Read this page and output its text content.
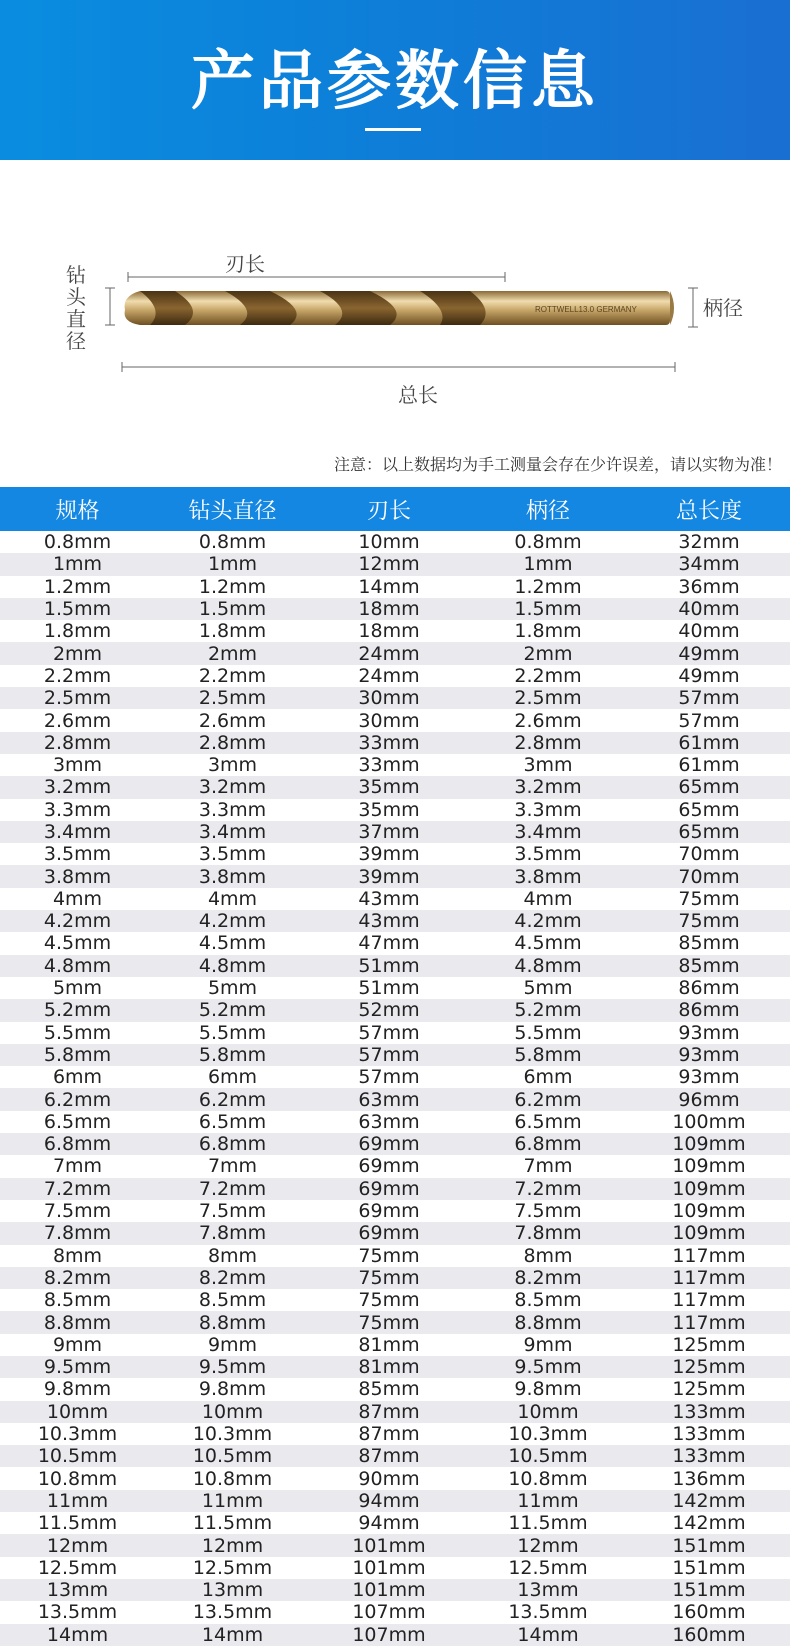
产品参数信息
刃长
钻 头 直 径
ROTTWELL13.0 GERMANY	柄径
总长
注意：以上数据均为手工测量会存在少许误差，请以实物为准！
规格	钻头直径	刃长	柄径	总长度
0.8mm	0.8mm	10mm	0.8mm	32mm
1mm	1mm	12mm	1mm	34mm
1.2mm	1.2mm	14mm	1.2mm	36mm
1.5mm	1.5mm	18mm	1.5mm	40mm
1.8mm	1.8mm	18mm	1.8mm	40mm
2mm	2mm	24mm	2mm	49mm
2.2mm	2.2mm	24mm	2.2mm	49mm
2.5mm	2.5mm	30mm	2.5mm	57mm
2.6mm	2.6mm	30mm	2.6mm	57mm
2.8mm	2.8mm	33mm	2.8mm	61mm
3mm	3mm	33mm	3mm	61mm
3.2mm	3.2mm	35mm	3.2mm	65mm
3.3mm	3.3mm	35mm	3.3mm	65mm
3.4mm	3.4mm	37mm	3.4mm	65mm
3.5mm	3.5mm	39mm	3.5mm	70mm
3.8mm	3.8mm	39mm	3.8mm	70mm
4mm	4mm	43mm	4mm	75mm
4.2mm	4.2mm	43mm	4.2mm	75mm
4.5mm	4.5mm	47mm	4.5mm	85mm
4.8mm	4.8mm	51mm	4.8mm	85mm
5mm	5mm	51mm	5mm	86mm
5.2mm	5.2mm	52mm	5.2mm	86mm
5.5mm	5.5mm	57mm	5.5mm	93mm
5.8mm	5.8mm	57mm	5.8mm	93mm
6mm	6mm	57mm	6mm	93mm
6.2mm	6.2mm	63mm	6.2mm	96mm
6.5mm	6.5mm	63mm	6.5mm	100mm
6.8mm	6.8mm	69mm	6.8mm	109mm
7mm	7mm	69mm	7mm	109mm
7.2mm	7.2mm	69mm	7.2mm	109mm
7.5mm	7.5mm	69mm	7.5mm	109mm
7.8mm	7.8mm	69mm	7.8mm	109mm
8mm	8mm	75mm	8mm	117mm
8.2mm	8.2mm	75mm	8.2mm	117mm
8.5mm	8.5mm	75mm	8.5mm	117mm
8.8mm	8.8mm	75mm	8.8mm	117mm
9mm	9mm	81mm	9mm	125mm
9.5mm	9.5mm	81mm	9.5mm	125mm
9.8mm	9.8mm	85mm	9.8mm	125mm
10mm	10mm	87mm	10mm	133mm
10.3mm	10.3mm	87mm	10.3mm	133mm
10.5mm	10.5mm	87mm	10.5mm	133mm
10.8mm	10.8mm	90mm	10.8mm	136mm
11mm	11mm	94mm	11mm	142mm
11.5mm	11.5mm	94mm	11.5mm	142mm
12mm	12mm	101mm	12mm	151mm
12.5mm	12.5mm	101mm	12.5mm	151mm
13mm	13mm	101mm	13mm	151mm
13.5mm	13.5mm	107mm	13.5mm	160mm
14mm	14mm	107mm	14mm	160mm
